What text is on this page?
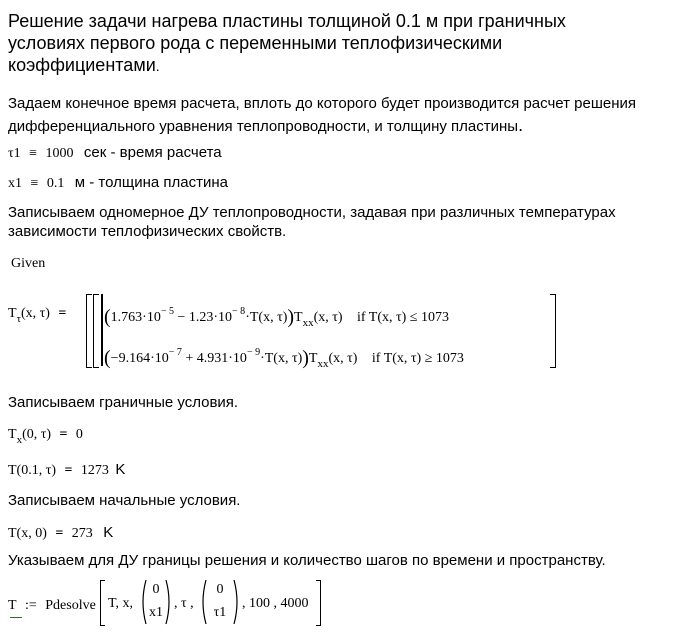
Решение задачи нагрева пластины толщиной 0.1 м при граничных
условиях первого рода с переменными теплофизическими
коэффициентами.
Задаем конечное время расчета, вплоть до которого будет производится расчет решения
дифференциального уравнения теплопроводности, и толщину пластины.
τ1 ≡ 1000 сек - время расчета
x1 ≡ 0.1 м - толщина пластина
Записываем одномерное ДУ теплопроводности, задавая при различных температурах
зависимости теплофизических свойств.
Given
$T_\tau(x$, $\tau) = (1.763\cdot 10^{- 5} - 1.23\cdot 10^{- 8}\cdot T(x$, $\tau))T_{xx}(x$, τ) if T(x, τ) ≤ 1073
($-9.164\cdot 10^{- 7} + 4.931\cdot 10^{- 9}\cdot T(x$, $\tau))T_{xx}(x$, τ) if T(x, τ) ≥ 1073
Записываем граничные условия.
$T_x(0$, τ) = 0
T(0.1, τ) = 1273 K
Записываем начальные условия.
T(x, 0) = 273 K
Указываем для ДУ границы решения и количество шагов по времени и пространству.
T := Pdesolve T, x,
0
x1
, τ ,
0
τ1
, 100 , 4000
